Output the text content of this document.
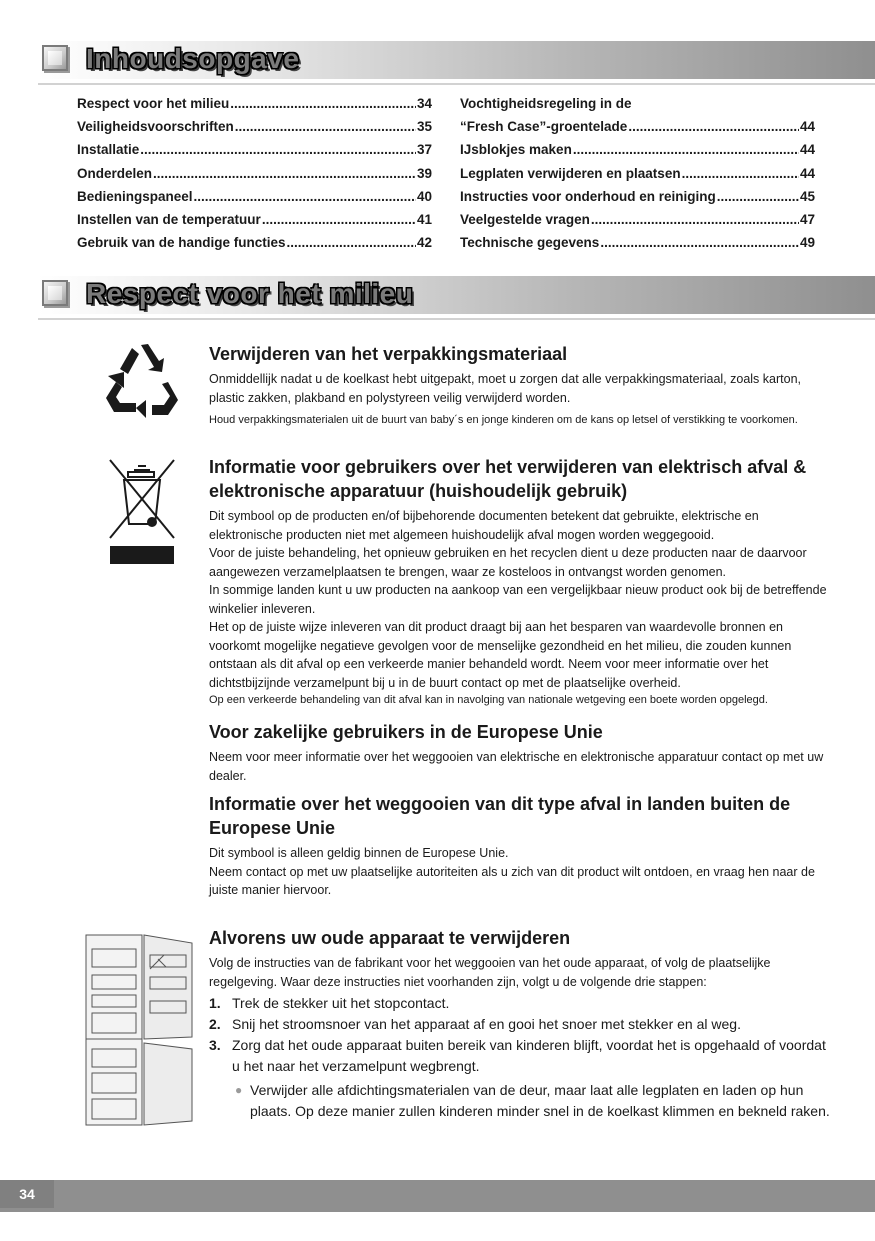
Inhoudsopgave
Respect voor het milieu .....	34
Veiligheidsvoorschriften .....	35
Installatie .....	37
Onderdelen .....	39
Bedieningspaneel .....	40
Instellen van de temperatuur .....	41
Gebruik van de handige functies .....	42
Vochtigheidsregeling in de
“Fresh Case”-groentelade .....	44
IJsblokjes maken .....	44
Legplaten verwijderen en plaatsen .....	44
Instructies voor onderhoud en reiniging .....	45
Veelgestelde vragen .....	47
Technische gegevens .....	49
Respect voor het milieu
Verwijderen van het verpakkingsmateriaal

Onmiddellijk nadat u de koelkast hebt uitgepakt, moet u zorgen dat alle verpakkingsmateriaal, zoals karton, plastic zakken, plakband en polystyreen veilig verwijderd worden.

Houd verpakkingsmaterialen uit de buurt van baby´s en jonge kinderen om de kans op letsel of verstikking te voorkomen.

Informatie voor gebruikers over het verwijderen van elektrisch afval & elektronische apparatuur (huishoudelijk gebruik)

Dit symbool op de producten en/of bijbehorende documenten betekent dat gebruikte, elektrische en elektronische producten niet met algemeen huishoudelijk afval mogen worden weggegooid.

Voor de juiste behandeling, het opnieuw gebruiken en het recyclen dient u deze producten naar de daarvoor aangewezen verzamelplaatsen te brengen, waar ze kosteloos in ontvangst worden genomen.

In sommige landen kunt u uw producten na aankoop van een vergelijkbaar nieuw product ook bij de betreffende winkelier inleveren.

Het op de juiste wijze inleveren van dit product draagt bij aan het besparen van waardevolle bronnen en voorkomt mogelijke negatieve gevolgen voor de menselijke gezondheid en het milieu, die zouden kunnen ontstaan als dit afval op een verkeerde manier behandeld wordt. Neem voor meer informatie over het dichtstbijzijnde verzamelpunt bij u in de buurt contact op met de plaatselijke overheid.

Op een verkeerde behandeling van dit afval kan in navolging van nationale wetgeving een boete worden opgelegd.

Voor zakelijke gebruikers in de Europese Unie

Neem voor meer informatie over het weggooien van elektrische en elektronische apparatuur contact op met uw dealer.

Informatie over het weggooien van dit type afval in landen buiten de Europese Unie

Dit symbool is alleen geldig binnen de Europese Unie.

Neem contact op met uw plaatselijke autoriteiten als u zich van dit product wilt ontdoen, en vraag hen naar de juiste manier hiervoor.

Alvorens uw oude apparaat te verwijderen

Volg de instructies van de fabrikant voor het weggooien van het oude apparaat, of volg de plaatselijke regelgeving. Waar deze instructies niet voorhanden zijn, volgt u de volgende drie stappen:

1. Trek de stekker uit het stopcontact.
2. Snij het stroomsnoer van het apparaat af en gooi het snoer met stekker en al weg.
3. Zorg dat het oude apparaat buiten bereik van kinderen blijft, voordat het is opgehaald of voordat u het naar het verzamelpunt wegbrengt.
● Verwijder alle afdichtingsmaterialen van de deur, maar laat alle legplaten en laden op hun plaats. Op deze manier zullen kinderen minder snel in de koelkast klimmen en bekneld raken.
34
